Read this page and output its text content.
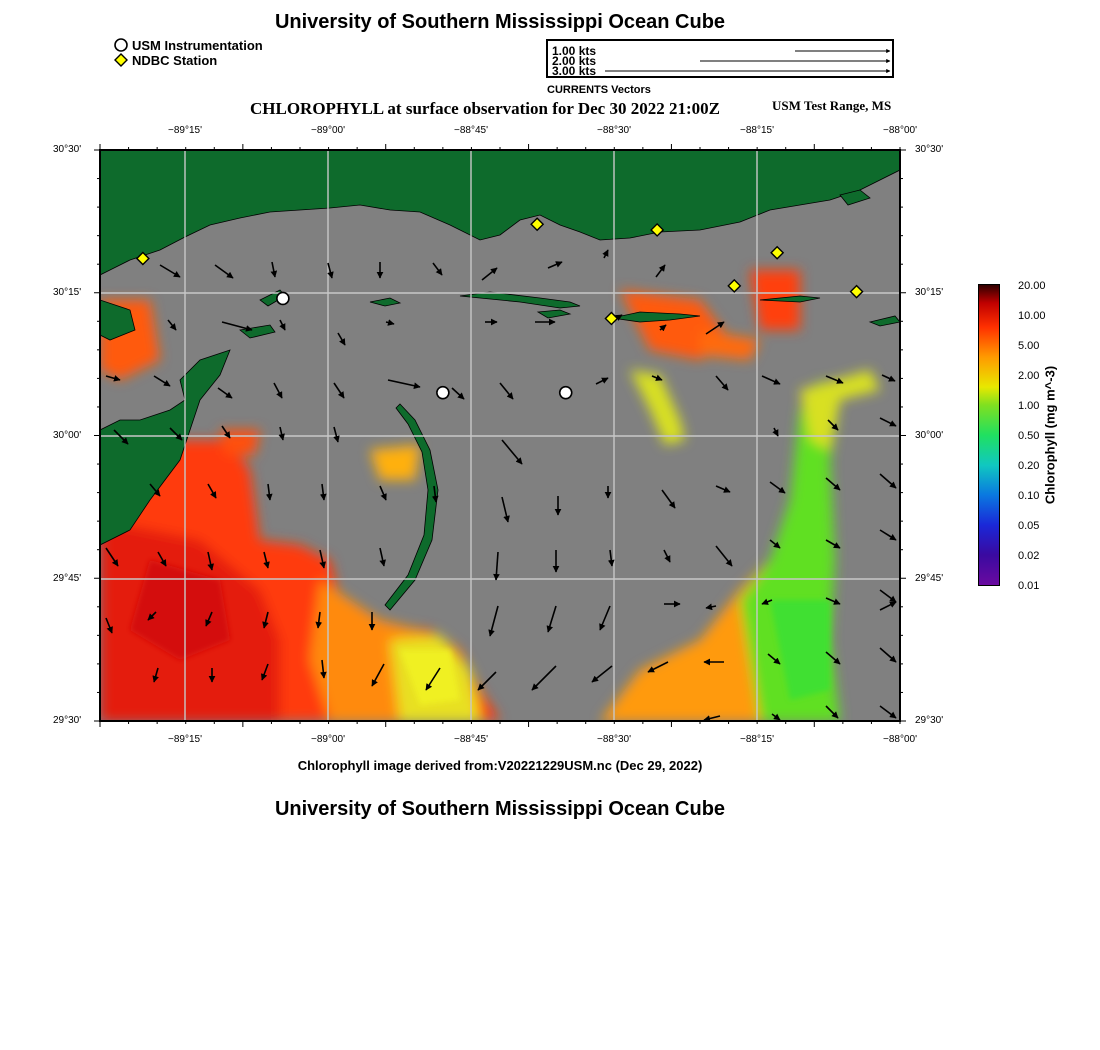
University of Southern Mississippi Ocean Cube
USM Instrumentation
NDBC Station
1.00 kts
2.00 kts
3.00 kts
CURRENTS Vectors
CHLOROPHYLL at surface observation for Dec 30 2022 21:00Z	USM Test Range, MS
−89°15'	−89°00'	−88°45'	−88°30'	−88°15'	−88°00'
−89°15'	−89°00'	−88°45'	−88°30'	−88°15'	−88°00'
30°30'
30°15'
30°00'
29°45'
29°30'
30°30'
30°15'
30°00'
29°45'
29°30'
Chlorophyll image derived from:V20221229USM.nc (Dec 29, 2022)
20.00
10.00
5.00
2.00
1.00
0.50
0.20
0.10
0.05
0.02
0.01
Chlorophyll (mg m^-3)
University of Southern Mississippi Ocean Cube
